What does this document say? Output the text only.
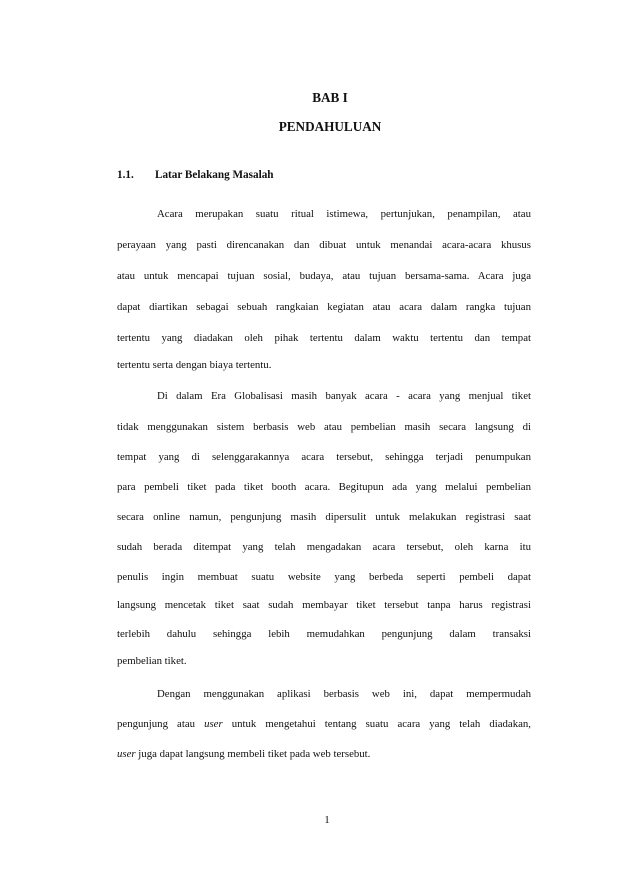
BAB I
PENDAHULUAN
1.1. Latar Belakang Masalah
Acara merupakan suatu ritual istimewa, pertunjukan, penampilan, atau
perayaan yang pasti direncanakan dan dibuat untuk menandai acara-acara khusus
atau untuk mencapai tujuan sosial, budaya, atau tujuan bersama-sama. Acara juga
dapat diartikan sebagai sebuah rangkaian kegiatan atau acara dalam rangka tujuan
tertentu yang diadakan oleh pihak tertentu dalam waktu tertentu dan tempat
tertentu serta dengan biaya tertentu.
Di dalam Era Globalisasi masih banyak acara - acara yang menjual tiket
tidak menggunakan sistem berbasis web atau pembelian masih secara langsung di
tempat yang di selenggarakannya acara tersebut, sehingga terjadi penumpukan
para pembeli tiket pada tiket booth acara. Begitupun ada yang melalui pembelian
secara online namun, pengunjung masih dipersulit untuk melakukan registrasi saat
sudah berada ditempat yang telah mengadakan acara tersebut, oleh karna itu
penulis ingin membuat suatu website yang berbeda seperti pembeli dapat
langsung mencetak tiket saat sudah membayar tiket tersebut tanpa harus registrasi
terlebih dahulu sehingga lebih memudahkan pengunjung dalam transaksi
pembelian tiket.
Dengan menggunakan aplikasi berbasis web ini, dapat mempermudah
pengunjung atau user untuk mengetahui tentang suatu acara yang telah diadakan,
user juga dapat langsung membeli tiket pada web tersebut.
1
